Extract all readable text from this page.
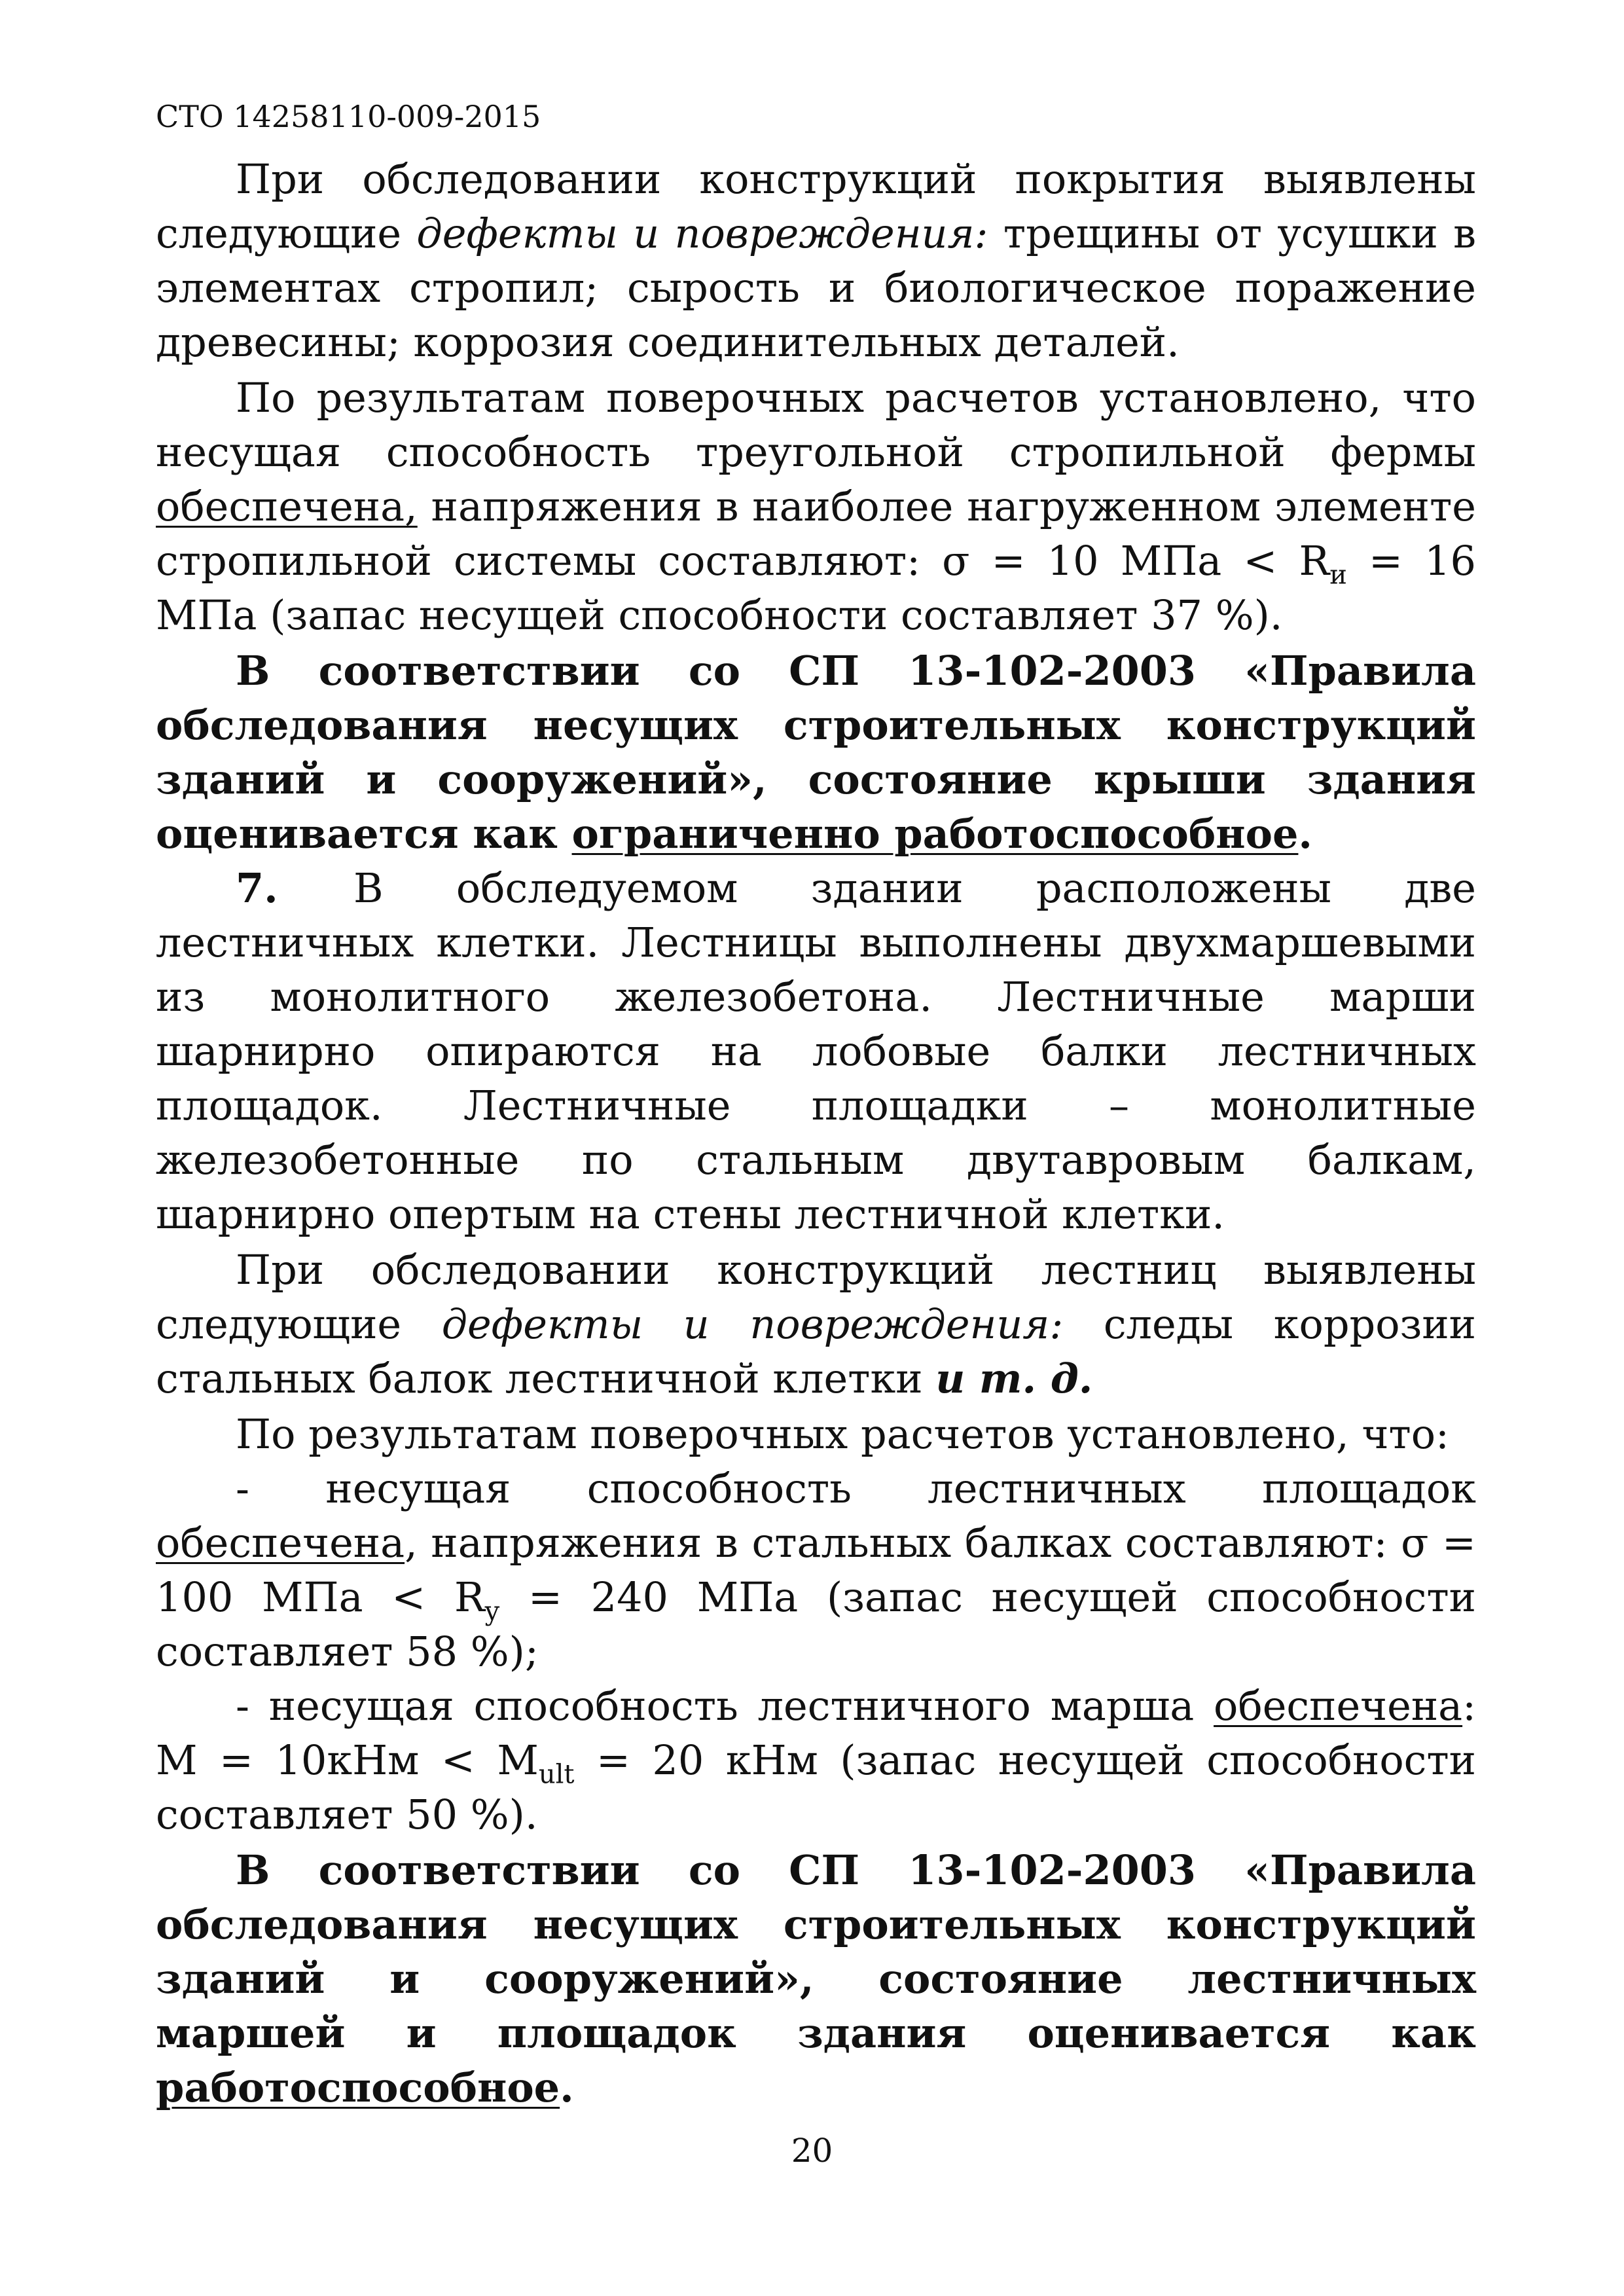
СТО 14258110-009-2015

При обследовании конструкций покрытия выявлены следующие дефекты и повреждения: трещины от усушки в элементах стропил; сырость и биологическое поражение древесины; коррозия соединительных деталей.

По результатам поверочных расчетов установлено, что несущая способность треугольной стропильной фермы обеспечена, напряжения в наиболее нагруженном элементе стропильной системы составляют: σ = 10 МПа < $R_и = 16$ МПа (запас несущей способности составляет 37 %).

В соответствии со СП 13-102-2003 «Правила обследования несущих строительных конструкций зданий и сооружений», состояние крыши здания оценивается как ограниченно работоспособное.

7. В обследуемом здании расположены две лестничных клетки. Лестницы выполнены двухмаршевыми из монолитного железобетона. Лестничные марши шарнирно опираются на лобовые балки лестничных площадок. Лестничные площадки – монолитные железобетонные по стальным двутавровым балкам, шарнирно опертым на стены лестничной клетки.

При обследовании конструкций лестниц выявлены следующие дефекты и повреждения: следы коррозии стальных балок лестничной клетки и т. д.

По результатам поверочных расчетов установлено, что:

- несущая способность лестничных площадок обеспечена, напряжения в стальных балках составляют: σ = 100 МПа < $R_y = 240$ МПа (запас несущей способности составляет 58 %);

- несущая способность лестничного марша обеспечена: $M = 10кНм < M_{ult} = 20$ кНм (запас несущей способности составляет 50 %).

В соответствии со СП 13-102-2003 «Правила обследования несущих строительных конструкций зданий и сооружений», состояние лестничных маршей и площадок здания оценивается как работоспособное.

20
